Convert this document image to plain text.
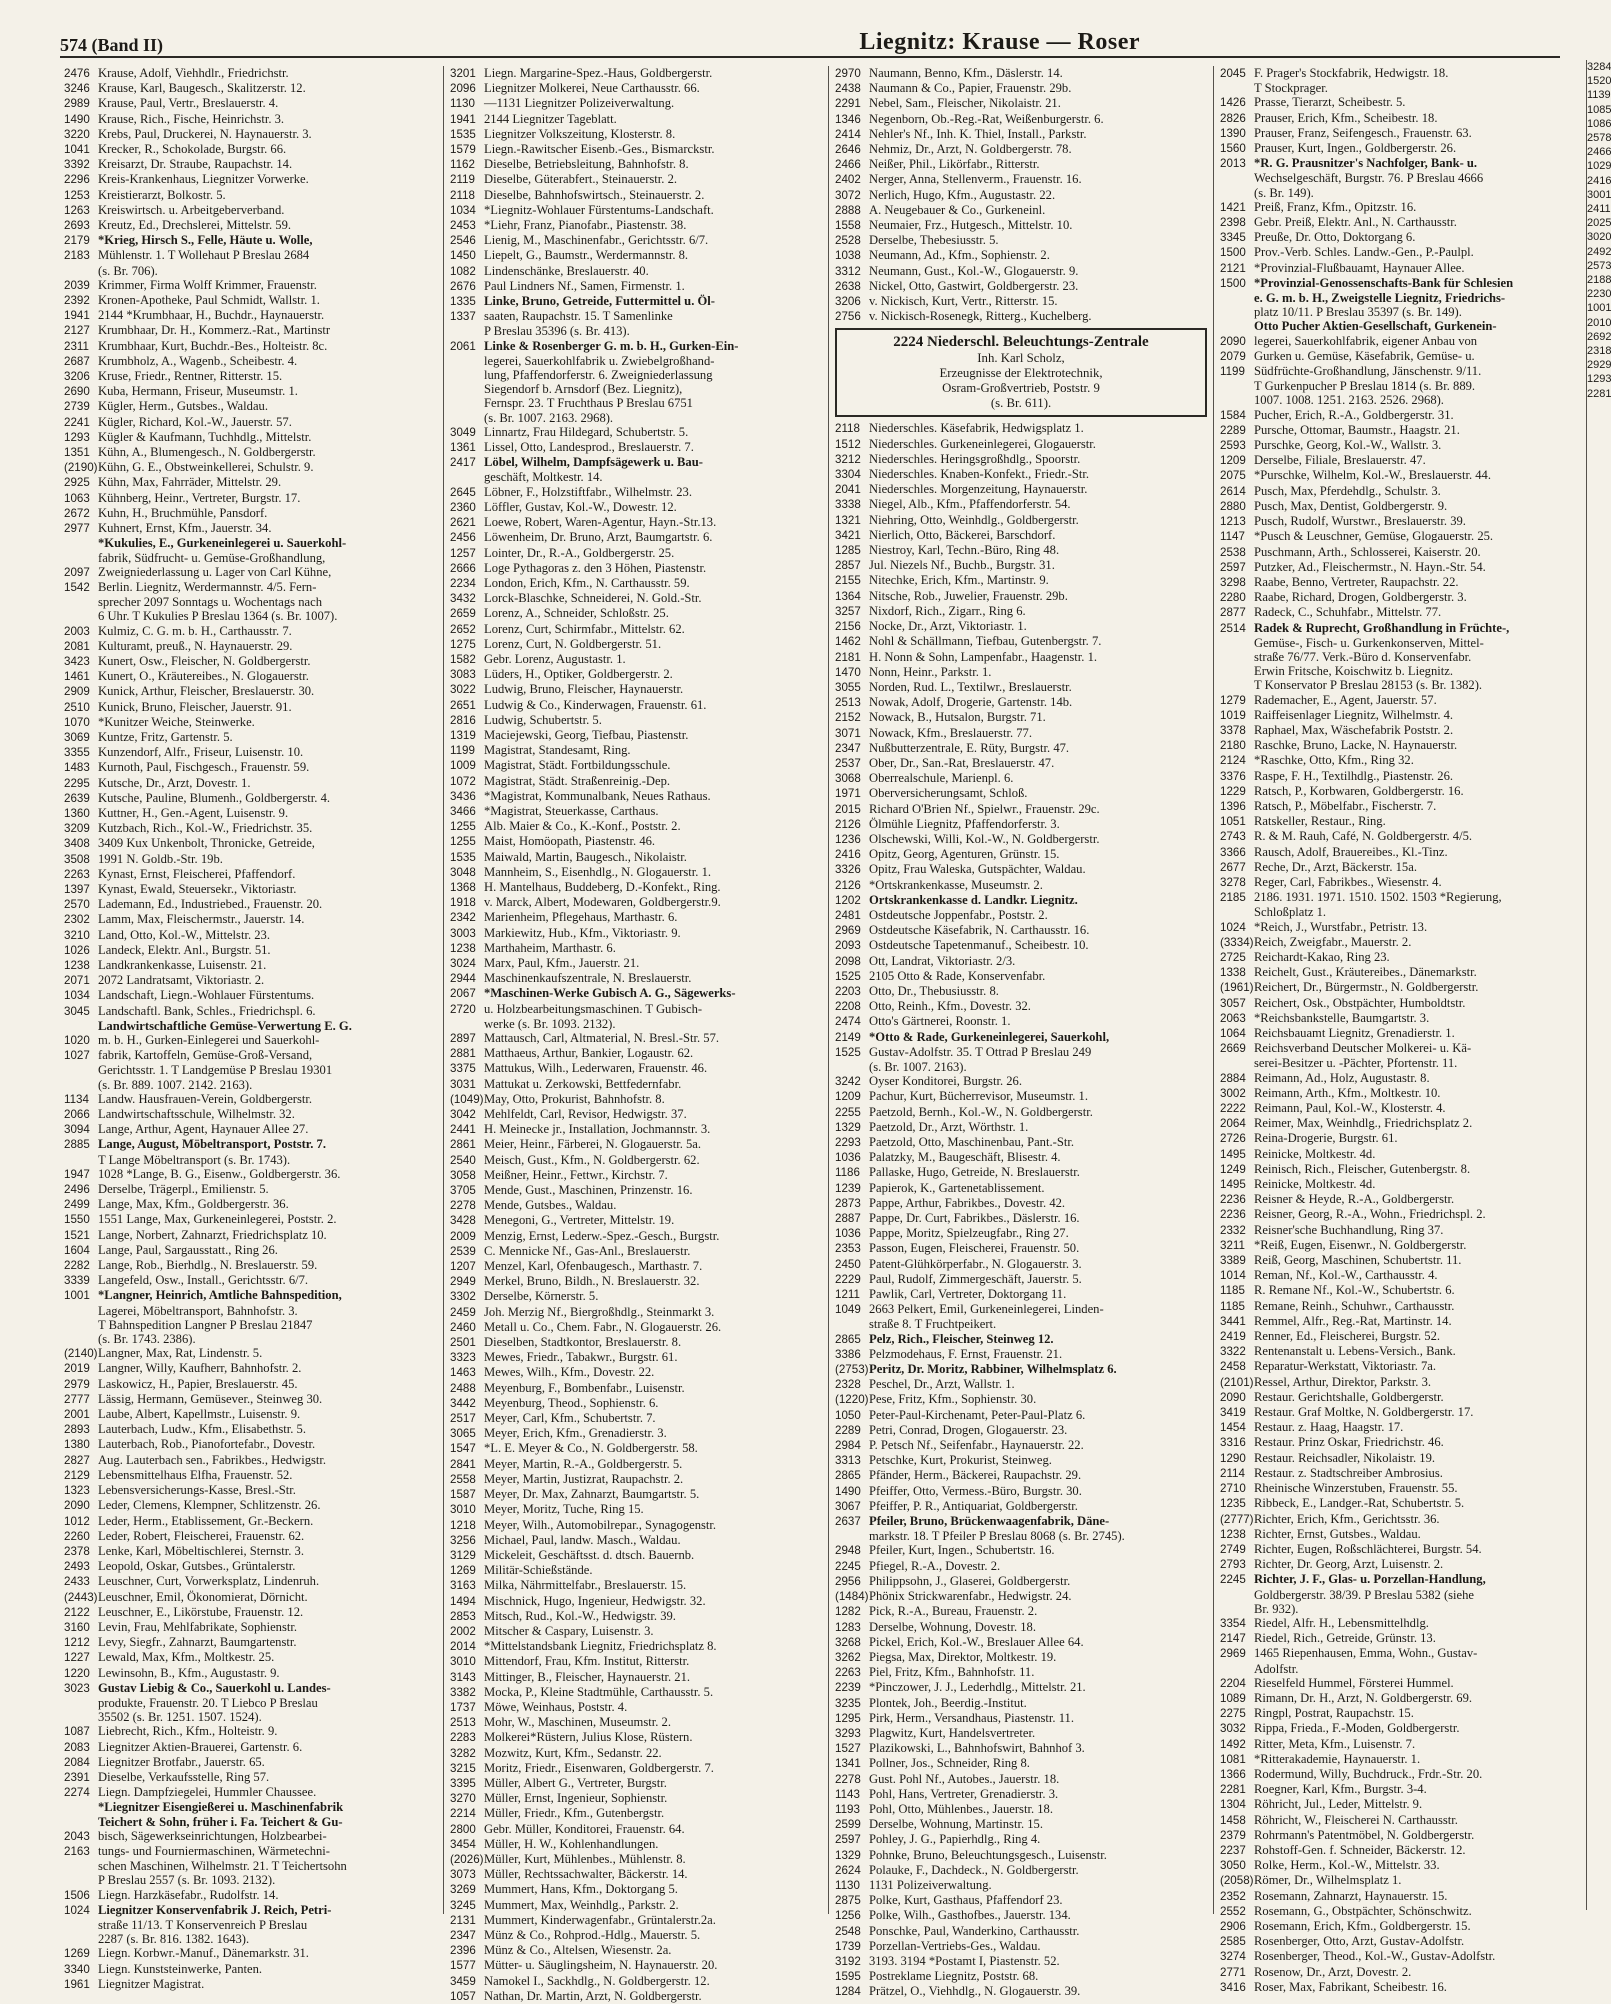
574 (Band II)	Liegnitz: Krause — Roser
2476 Krause, Adolf, Viehhdlr., Friedrichstr.
3246 Krause, Karl, Baugesch., Skalitzerstr. 12.
2989 Krause, Paul, Vertr., Breslauerstr. 4.
1490 Krause, Rich., Fische, Heinrichstr. 3.
3220 Krebs, Paul, Druckerei, N. Haynauerstr. 3.
1041 Krecker, R., Schokolade, Burgstr. 66.
3392 Kreisarzt, Dr. Straube, Raupachstr. 14.
2296 Kreis-Krankenhaus, Liegnitzer Vorwerke.
1253 Kreistierarzt, Bolkostr. 5.
1263 Kreiswirtsch. u. Arbeitgeberverband.
2693 Kreutz, Ed., Drechslerei, Mittelstr. 59.
2179 *Krieg, Hirsch S., Felle, Häute u. Wolle,
2183 Mühlenstr. 1. T Wollehaut P Breslau 2684
(s. Br. 706).
2039 Krimmer, Firma Wolff Krimmer, Frauenstr.
2392 Kronen-Apotheke, Paul Schmidt, Wallstr. 1.
1941 2144 *Krumbhaar, H., Buchdr., Haynauerstr.
2127 Krumbhaar, Dr. H., Kommerz.-Rat., Martinstr
2311 Krumbhaar, Kurt, Buchdr.-Bes., Holteistr. 8c.
2687 Krumbholz, A., Wagenb., Scheibestr. 4.
3206 Kruse, Friedr., Rentner, Ritterstr. 15.
2690 Kuba, Hermann, Friseur, Museumstr. 1.
2739 Kügler, Herm., Gutsbes., Waldau.
2241 Kügler, Richard, Kol.-W., Jauerstr. 57.
1293 Kügler & Kaufmann, Tuchhdlg., Mittelstr.
1351 Kühn, A., Blumengesch., N. Goldbergerstr.
(2190)Kühn, G. E., Obstweinkellerei, Schulstr. 9.
2925 Kühn, Max, Fahrräder, Mittelstr. 29.
1063 Kühnberg, Heinr., Vertreter, Burgstr. 17.
2672 Kuhn, H., Bruchmühle, Pansdorf.
2977 Kuhnert, Ernst, Kfm., Jauerstr. 34.
*Kukulies, E., Gurkeneinlegerei u. Sauerkohl-
fabrik, Südfrucht- u. Gemüse-Großhandlung,
2097 Zweigniederlassung u. Lager von Carl Kühne,
1542 Berlin. Liegnitz, Werdermannstr. 4/5. Fern-
sprecher 2097 Sonntags u. Wochentags nach
6 Uhr. T Kukulies P Breslau 1364 (s. Br. 1007).
2003 Kulmiz, C. G. m. b. H., Carthausstr. 7.
2081 Kulturamt, preuß., N. Haynauerstr. 29.
3423 Kunert, Osw., Fleischer, N. Goldbergerstr.
1461 Kunert, O., Kräutereibes., N. Glogauerstr.
2909 Kunick, Arthur, Fleischer, Breslauerstr. 30.
2510 Kunick, Bruno, Fleischer, Jauerstr. 91.
1070 *Kunitzer Weiche, Steinwerke.
3069 Kuntze, Fritz, Gartenstr. 5.
3355 Kunzendorf, Alfr., Friseur, Luisenstr. 10.
1483 Kurnoth, Paul, Fischgesch., Frauenstr. 59.
2295 Kutsche, Dr., Arzt, Dovestr. 1.
2639 Kutsche, Pauline, Blumenh., Goldbergerstr. 4.
1360 Kuttner, H., Gen.-Agent, Luisenstr. 9.
3209 Kutzbach, Rich., Kol.-W., Friedrichstr. 35.
3408 3409 Kux Unkenbolt, Thronicke, Getreide,
3508 1991 N. Goldb.-Str. 19b.
2263 Kynast, Ernst, Fleischerei, Pfaffendorf.
1397 Kynast, Ewald, Steuersekr., Viktoriastr.
2570 Lademann, Ed., Industriebed., Frauenstr. 20.
2302 Lamm, Max, Fleischermstr., Jauerstr. 14.
3210 Land, Otto, Kol.-W., Mittelstr. 23.
1026 Landeck, Elektr. Anl., Burgstr. 51.
1238 Landkrankenkasse, Luisenstr. 21.
2071 2072 Landratsamt, Viktoriastr. 2.
1034 Landschaft, Liegn.-Wohlauer Fürstentums.
3045 Landschaftl. Bank, Schles., Friedrichspl. 6.
Landwirtschaftliche Gemüse-Verwertung E. G.
1020 m. b. H., Gurken-Einlegerei und Sauerkohl-
1027 fabrik, Kartoffeln, Gemüse-Groß-Versand,
Gerichtsstr. 1. T Landgemüse P Breslau 19301
(s. Br. 889. 1007. 2142. 2163).
1134 Landw. Hausfrauen-Verein, Goldbergerstr.
2066 Landwirtschaftsschule, Wilhelmstr. 32.
3094 Lange, Arthur, Agent, Haynauer Allee 27.
2885 Lange, August, Möbeltransport, Poststr. 7.
T Lange Möbeltransport (s. Br. 1743).
1947 1028 *Lange, B. G., Eisenw., Goldbergerstr. 36.
2496 Derselbe, Trägerpl., Emilienstr. 5.
2499 Lange, Max, Kfm., Goldbergerstr. 36.
1550 1551 Lange, Max, Gurkeneinlegerei, Poststr. 2.
1521 Lange, Norbert, Zahnarzt, Friedrichsplatz 10.
1604 Lange, Paul, Sargausstatt., Ring 26.
2282 Lange, Rob., Bierhdlg., N. Breslauerstr. 59.
3339 Langefeld, Osw., Install., Gerichtsstr. 6/7.
1001 *Langner, Heinrich, Amtliche Bahnspedition,
Lagerei, Möbeltransport, Bahnhofstr. 3.
T Bahnspedition Langner P Breslau 21847
(s. Br. 1743. 2386).
(2140)Langner, Max, Rat, Lindenstr. 5.
2019 Langner, Willy, Kaufherr, Bahnhofstr. 2.
2979 Laskowicz, H., Papier, Breslauerstr. 45.
2777 Lässig, Hermann, Gemüsever., Steinweg 30.
2001 Laube, Albert, Kapellmstr., Luisenstr. 9.
2893 Lauterbach, Ludw., Kfm., Elisabethstr. 5.
1380 Lauterbach, Rob., Pianofortefabr., Dovestr.
2827 Aug. Lauterbach sen., Fabrikbes., Hedwigstr.
2129 Lebensmittelhaus Elfha, Frauenstr. 52.
1323 Lebensversicherungs-Kasse, Bresl.-Str.
2090 Leder, Clemens, Klempner, Schlitzenstr. 26.
1012 Leder, Herm., Etablissement, Gr.-Beckern.
2260 Leder, Robert, Fleischerei, Frauenstr. 62.
2378 Lenke, Karl, Möbeltischlerei, Sternstr. 3.
2493 Leopold, Oskar, Gutsbes., Grüntalerstr.
2433 Leuschner, Curt, Vorwerksplatz, Lindenruh.
(2443)Leuschner, Emil, Ökonomierat, Dörnicht.
2122 Leuschner, E., Likörstube, Frauenstr. 12.
3160 Levin, Frau, Mehlfabrikate, Sophienstr.
1212 Levy, Siegfr., Zahnarzt, Baumgartenstr.
1227 Lewald, Max, Kfm., Moltkestr. 25.
1220 Lewinsohn, B., Kfm., Augustastr. 9.
3023 Gustav Liebig & Co., Sauerkohl u. Landes-
produkte, Frauenstr. 20. T Liebco P Breslau
35502 (s. Br. 1251. 1507. 1524).
1087 Liebrecht, Rich., Kfm., Holteistr. 9.
2083 Liegnitzer Aktien-Brauerei, Gartenstr. 6.
2084 Liegnitzer Brotfabr., Jauerstr. 65.
2391 Dieselbe, Verkaufsstelle, Ring 57.
2274 Liegn. Dampfziegelei, Hummler Chaussee.
*Liegnitzer Eisengießerei u. Maschinenfabrik
Teichert & Sohn, früher i. Fa. Teichert & Gu-
2043 bisch, Sägewerkseinrichtungen, Holzbearbei-
2163 tungs- und Fourniermaschinen, Wärmetechni-
schen Maschinen, Wilhelmstr. 21. T Teichertsohn
P Breslau 2557 (s. Br. 1093. 2132).
1506 Liegn. Harzkäsefabr., Rudolfstr. 14.
1024 Liegnitzer Konservenfabrik J. Reich, Petri-
straße 11/13. T Konservenreich P Breslau
2287 (s. Br. 816. 1382. 1643).
1269 Liegn. Korbwr.-Manuf., Dänemarkstr. 31.
3340 Liegn. Kunststeinwerke, Panten.
1961 Liegnitzer Magistrat.
3201 Liegn. Margarine-Spez.-Haus, Goldbergerstr.
2096 Liegnitzer Molkerei, Neue Carthausstr. 66.
1130 —1131 Liegnitzer Polizeiverwaltung.
1941 2144 Liegnitzer Tageblatt.
1535 Liegnitzer Volkszeitung, Klosterstr. 8.
1579 Liegn.-Rawitscher Eisenb.-Ges., Bismarckstr.
1162 Dieselbe, Betriebsleitung, Bahnhofstr. 8.
2119 Dieselbe, Güterabfert., Steinauerstr. 2.
2118 Dieselbe, Bahnhofswirtsch., Steinauerstr. 2.
1034 *Liegnitz-Wohlauer Fürstentums-Landschaft.
2453 *Liehr, Franz, Pianofabr., Piastenstr. 38.
2546 Lienig, M., Maschinenfabr., Gerichtsstr. 6/7.
1450 Liepelt, G., Baumstr., Werdermannstr. 8.
1082 Lindenschänke, Breslauerstr. 40.
2676 Paul Lindners Nf., Samen, Firmenstr. 1.
1335 Linke, Bruno, Getreide, Futtermittel u. Öl-
1337 saaten, Raupachstr. 15. T Samenlinke
P Breslau 35396 (s. Br. 413).
2061 Linke & Rosenberger G. m. b. H., Gurken-Ein-
legerei, Sauerkohlfabrik u. Zwiebelgroßhand-
lung, Pfaffendorferstr. 6. Zweigniederlassung
Siegendorf b. Arnsdorf (Bez. Liegnitz),
Fernspr. 23. T Fruchthaus P Breslau 6751
(s. Br. 1007. 2163. 2968).
3049 Linnartz, Frau Hildegard, Schubertstr. 5.
1361 Lissel, Otto, Landesprod., Breslauerstr. 7.
2417 Löbel, Wilhelm, Dampfsägewerk u. Bau-
geschäft, Moltkestr. 14.
2645 Löbner, F., Holzstiftfabr., Wilhelmstr. 23.
2360 Löffler, Gustav, Kol.-W., Dowestr. 12.
2621 Loewe, Robert, Waren-Agentur, Hayn.-Str.13.
2456 Löwenheim, Dr. Bruno, Arzt, Baumgartstr. 6.
1257 Lointer, Dr., R.-A., Goldbergerstr. 25.
2666 Loge Pythagoras z. den 3 Höhen, Piastenstr.
2234 London, Erich, Kfm., N. Carthausstr. 59.
3432 Lorck-Blaschke, Schneiderei, N. Gold.-Str.
2659 Lorenz, A., Schneider, Schloßstr. 25.
2652 Lorenz, Curt, Schirmfabr., Mittelstr. 62.
1275 Lorenz, Curt, N. Goldbergerstr. 51.
1582 Gebr. Lorenz, Augustastr. 1.
3083 Lüders, H., Optiker, Goldbergerstr. 2.
3022 Ludwig, Bruno, Fleischer, Haynauerstr.
2651 Ludwig & Co., Kinderwagen, Frauenstr. 61.
2816 Ludwig, Schubertstr. 5.
1319 Maciejewski, Georg, Tiefbau, Piastenstr.
1199 Magistrat, Standesamt, Ring.
1009 Magistrat, Städt. Fortbildungsschule.
1072 Magistrat, Städt. Straßenreinig.-Dep.
3436 *Magistrat, Kommunalbank, Neues Rathaus.
3466 *Magistrat, Steuerkasse, Carthaus.
1255 Alb. Maier & Co., K.-Konf., Poststr. 2.
1255 Maist, Homöopath, Piastenstr. 46.
1535 Maiwald, Martin, Baugesch., Nikolaistr.
3048 Mannheim, S., Eisenhdlg., N. Glogauerstr. 1.
1368 H. Mantelhaus, Buddeberg, D.-Konfekt., Ring.
1918 v. Marck, Albert, Modewaren, Goldbergerstr.9.
2342 Marienheim, Pflegehaus, Marthastr. 6.
3003 Markiewitz, Hub., Kfm., Viktoriastr. 9.
1238 Marthaheim, Marthastr. 6.
3024 Marx, Paul, Kfm., Jauerstr. 21.
2944 Maschinenkaufszentrale, N. Breslauerstr.
2067 *Maschinen-Werke Gubisch A. G., Sägewerks-
2720 u. Holzbearbeitungsmaschinen. T Gubisch-
werke (s. Br. 1093. 2132).
2897 Mattausch, Carl, Altmaterial, N. Bresl.-Str. 57.
2881 Matthaeus, Arthur, Bankier, Logaustr. 62.
3375 Mattukus, Wilh., Lederwaren, Frauenstr. 46.
3031 Mattukat u. Zerkowski, Bettfedernfabr.
(1049)May, Otto, Prokurist, Bahnhofstr. 8.
3042 Mehlfeldt, Carl, Revisor, Hedwigstr. 37.
2441 H. Meinecke jr., Installation, Jochmannstr. 3.
2861 Meier, Heinr., Färberei, N. Glogauerstr. 5a.
2540 Meisch, Gust., Kfm., N. Goldbergerstr. 62.
3058 Meißner, Heinr., Fettwr., Kirchstr. 7.
3705 Mende, Gust., Maschinen, Prinzenstr. 16.
2278 Mende, Gutsbes., Waldau.
3428 Menegoni, G., Vertreter, Mittelstr. 19.
2009 Menzig, Ernst, Lederw.-Spez.-Gesch., Burgstr.
2539 C. Mennicke Nf., Gas-Anl., Breslauerstr.
1207 Menzel, Karl, Ofenbaugesch., Marthastr. 7.
2949 Merkel, Bruno, Bildh., N. Breslauerstr. 32.
3302 Derselbe, Körnerstr. 5.
2459 Joh. Merzig Nf., Biergroßhdlg., Steinmarkt 3.
2460 Metall u. Co., Chem. Fabr., N. Glogauerstr. 26.
2501 Dieselben, Stadtkontor, Breslauerstr. 8.
3323 Mewes, Friedr., Tabakwr., Burgstr. 61.
1463 Mewes, Wilh., Kfm., Dovestr. 22.
2488 Meyenburg, F., Bombenfabr., Luisenstr.
3442 Meyenburg, Theod., Sophienstr. 6.
2517 Meyer, Carl, Kfm., Schubertstr. 7.
3065 Meyer, Erich, Kfm., Grenadierstr. 3.
1547 *L. E. Meyer & Co., N. Goldbergerstr. 58.
2841 Meyer, Martin, R.-A., Goldbergerstr. 5.
2558 Meyer, Martin, Justizrat, Raupachstr. 2.
1587 Meyer, Dr. Max, Zahnarzt, Baumgartstr. 5.
3010 Meyer, Moritz, Tuche, Ring 15.
1218 Meyer, Wilh., Automobilrepar., Synagogenstr.
3256 Michael, Paul, landw. Masch., Waldau.
3129 Mickeleit, Geschäftsst. d. dtsch. Bauernb.
1269 Militär-Schießstände.
3163 Milka, Nährmittelfabr., Breslauerstr. 15.
1494 Mischnick, Hugo, Ingenieur, Hedwigstr. 32.
2853 Mitsch, Rud., Kol.-W., Hedwigstr. 39.
2002 Mitscher & Caspary, Luisenstr. 3.
2014 *Mittelstandsbank Liegnitz, Friedrichsplatz 8.
3010 Mittendorf, Frau, Kfm. Institut, Ritterstr.
3143 Mittinger, B., Fleischer, Haynauerstr. 21.
3382 Mocka, P., Kleine Stadtmühle, Carthausstr. 5.
1737 Möwe, Weinhaus, Poststr. 4.
2513 Mohr, W., Maschinen, Museumstr. 2.
2283 Molkerei*Rüstern, Julius Klose, Rüstern.
3282 Mozwitz, Kurt, Kfm., Sedanstr. 22.
3215 Moritz, Friedr., Eisenwaren, Goldbergerstr. 7.
3395 Müller, Albert G., Vertreter, Burgstr.
3270 Müller, Ernst, Ingenieur, Sophienstr.
2214 Müller, Friedr., Kfm., Gutenbergstr.
2800 Gebr. Müller, Konditorei, Frauenstr. 64.
3454 Müller, H. W., Kohlenhandlungen.
(2026)Müller, Kurt, Mühlenbes., Mühlenstr. 8.
3073 Müller, Rechtssachwalter, Bäckerstr. 14.
3269 Mummert, Hans, Kfm., Doktorgang 5.
3245 Mummert, Max, Weinhdlg., Parkstr. 2.
2131 Mummert, Kinderwagenfabr., Grüntalerstr.2a.
2347 Münz & Co., Rohprod.-Hdlg., Mauerstr. 5.
2396 Münz & Co., Altelsen, Wiesenstr. 2a.
1577 Mütter- u. Säuglingsheim, N. Haynauerstr. 20.
3459 Namokel I., Sackhdlg., N. Goldbergerstr. 12.
1057 Nathan, Dr. Martin, Arzt, N. Goldbergerstr.
2970 Naumann, Benno, Kfm., Däslerstr. 14.
2438 Naumann & Co., Papier, Frauenstr. 29b.
2291 Nebel, Sam., Fleischer, Nikolaistr. 21.
1346 Negenborn, Ob.-Reg.-Rat, Weißenburgerstr. 6.
2414 Nehler's Nf., Inh. K. Thiel, Install., Parkstr.
2646 Nehmiz, Dr., Arzt, N. Goldbergerstr. 78.
2466 Neißer, Phil., Likörfabr., Ritterstr.
2402 Nerger, Anna, Stellenverm., Frauenstr. 16.
3072 Nerlich, Hugo, Kfm., Augustastr. 22.
2888 A. Neugebauer & Co., Gurkeneinl.
1558 Neumaier, Frz., Hutgesch., Mittelstr. 10.
2528 Derselbe, Thebesiusstr. 5.
1038 Neumann, Ad., Kfm., Sophienstr. 2.
3312 Neumann, Gust., Kol.-W., Glogauerstr. 9.
2638 Nickel, Otto, Gastwirt, Goldbergerstr. 23.
3206 v. Nickisch, Kurt, Vertr., Ritterstr. 15.
2756 v. Nickisch-Rosenegk, Ritterg., Kuchelberg.
2224 Niederschl. Beleuchtungs-Zentrale
Inh. Karl Scholz,
Erzeugnisse der Elektrotechnik,
Osram-Großvertrieb, Poststr. 9
(s. Br. 611).
2118 Niederschles. Käsefabrik, Hedwigsplatz 1.
1512 Niederschles. Gurkeneinlegerei, Glogauerstr.
3212 Niederschles. Heringsgroßhdlg., Spoorstr.
3304 Niederschles. Knaben-Konfekt., Friedr.-Str.
2041 Niederschles. Morgenzeitung, Haynauerstr.
3338 Niegel, Alb., Kfm., Pfaffendorferstr. 54.
1321 Niehring, Otto, Weinhdlg., Goldbergerstr.
3421 Nierlich, Otto, Bäckerei, Barschdorf.
1285 Niestroy, Karl, Techn.-Büro, Ring 48.
2857 Jul. Niezels Nf., Buchb., Burgstr. 31.
2155 Nitechke, Erich, Kfm., Martinstr. 9.
1364 Nitsche, Rob., Juwelier, Frauenstr. 29b.
3257 Nixdorf, Rich., Zigarr., Ring 6.
2156 Nocke, Dr., Arzt, Viktoriastr. 1.
1462 Nohl & Schällmann, Tiefbau, Gutenbergstr. 7.
2181 H. Nonn & Sohn, Lampenfabr., Haagenstr. 1.
1470 Nonn, Heinr., Parkstr. 1.
3055 Norden, Rud. L., Textilwr., Breslauerstr.
2513 Nowak, Adolf, Drogerie, Gartenstr. 14b.
2152 Nowack, B., Hutsalon, Burgstr. 71.
3071 Nowack, Kfm., Breslauerstr. 77.
2347 Nußbutterzentrale, E. Rüty, Burgstr. 47.
2537 Ober, Dr., San.-Rat, Breslauerstr. 47.
3068 Oberrealschule, Marienpl. 6.
1971 Oberversicherungsamt, Schloß.
2015 Richard O'Brien Nf., Spielwr., Frauenstr. 29c.
2126 Ölmühle Liegnitz, Pfaffendorferstr. 3.
1236 Olschewski, Willi, Kol.-W., N. Goldbergerstr.
2416 Opitz, Georg, Agenturen, Grünstr. 15.
3326 Opitz, Frau Waleska, Gutspächter, Waldau.
2126 *Ortskrankenkasse, Museumstr. 2.
1202 Ortskrankenkasse d. Landkr. Liegnitz.
2481 Ostdeutsche Joppenfabr., Poststr. 2.
2969 Ostdeutsche Käsefabrik, N. Carthausstr. 16.
2093 Ostdeutsche Tapetenmanuf., Scheibestr. 10.
2098 Ott, Landrat, Viktoriastr. 2/3.
1525 2105 Otto & Rade, Konservenfabr.
2203 Otto, Dr., Thebusiusstr. 8.
2208 Otto, Reinh., Kfm., Dovestr. 32.
2474 Otto's Gärtnerei, Roonstr. 1.
2149 *Otto & Rade, Gurkeneinlegerei, Sauerkohl,
1525 Gustav-Adolfstr. 35. T Ottrad P Breslau 249
(s. Br. 1007. 2163).
3242 Oyser Konditorei, Burgstr. 26.
1209 Pachur, Kurt, Bücherrevisor, Museumstr. 1.
2255 Paetzold, Bernh., Kol.-W., N. Goldbergerstr.
1329 Paetzold, Dr., Arzt, Wörthstr. 1.
2293 Paetzold, Otto, Maschinenbau, Pant.-Str.
1036 Palatzky, M., Baugeschäft, Blisestr. 4.
1186 Pallaske, Hugo, Getreide, N. Breslauerstr.
1239 Papierok, K., Gartenetablissement.
2873 Pappe, Arthur, Fabrikbes., Dovestr. 42.
2887 Pappe, Dr. Curt, Fabrikbes., Däslerstr. 16.
1036 Pappe, Moritz, Spielzeugfabr., Ring 27.
2353 Passon, Eugen, Fleischerei, Frauenstr. 50.
2450 Patent-Glühkörperfabr., N. Glogauerstr. 3.
2229 Paul, Rudolf, Zimmergeschäft, Jauerstr. 5.
1211 Pawlik, Carl, Vertreter, Doktorgang 11.
1049 2663 Pelkert, Emil, Gurkeneinlegerei, Linden-
straße 8. T Fruchtpeikert.
2865 Pelz, Rich., Fleischer, Steinweg 12.
3386 Pelzmodehaus, F. Ernst, Frauenstr. 21.
(2753)Peritz, Dr. Moritz, Rabbiner, Wilhelmsplatz 6.
2328 Peschel, Dr., Arzt, Wallstr. 1.
(1220)Pese, Fritz, Kfm., Sophienstr. 30.
1050 Peter-Paul-Kirchenamt, Peter-Paul-Platz 6.
2289 Petri, Conrad, Drogen, Glogauerstr. 23.
2984 P. Petsch Nf., Seifenfabr., Haynauerstr. 22.
3313 Petschke, Kurt, Prokurist, Steinweg.
2865 Pfänder, Herm., Bäckerei, Raupachstr. 29.
1490 Pfeiffer, Otto, Vermess.-Büro, Burgstr. 30.
3067 Pfeiffer, P. R., Antiquariat, Goldbergerstr.
2637 Pfeiler, Bruno, Brückenwaagenfabrik, Däne-
markstr. 18. T Pfeiler P Breslau 8068 (s. Br. 2745).
2948 Pfeiler, Kurt, Ingen., Schubertstr. 16.
2245 Pfiegel, R.-A., Dovestr. 2.
2956 Philippsohn, J., Glaserei, Goldbergerstr.
(1484)Phönix Strickwarenfabr., Hedwigstr. 24.
1282 Pick, R.-A., Bureau, Frauenstr. 2.
1283 Derselbe, Wohnung, Dovestr. 18.
3268 Pickel, Erich, Kol.-W., Breslauer Allee 64.
3262 Piegsa, Max, Direktor, Moltkestr. 19.
2263 Piel, Fritz, Kfm., Bahnhofstr. 11.
2239 *Pinczower, J. J., Lederhdlg., Mittelstr. 21.
3235 Plontek, Joh., Beerdig.-Institut.
1295 Pirk, Herm., Versandhaus, Piastenstr. 11.
3293 Plagwitz, Kurt, Handelsvertreter.
1527 Plazikowski, L., Bahnhofswirt, Bahnhof 3.
1341 Pollner, Jos., Schneider, Ring 8.
2278 Gust. Pohl Nf., Autobes., Jauerstr. 18.
1143 Pohl, Hans, Vertreter, Grenadierstr. 3.
1193 Pohl, Otto, Mühlenbes., Jauerstr. 18.
2599 Derselbe, Wohnung, Martinstr. 15.
2597 Pohley, J. G., Papierhdlg., Ring 4.
1329 Pohnke, Bruno, Beleuchtungsgesch., Luisenstr.
2624 Polauke, F., Dachdeck., N. Goldbergerstr.
1130 1131 Polizeiverwaltung.
2875 Polke, Kurt, Gasthaus, Pfaffendorf 23.
1256 Polke, Wilh., Gasthofbes., Jauerstr. 134.
2548 Ponschke, Paul, Wanderkino, Carthausstr.
1739 Porzellan-Vertriebs-Ges., Waldau.
3192 3193. 3194 *Postamt I, Piastenstr. 52.
1595 Postreklame Liegnitz, Poststr. 68.
1284 Prätzel, O., Viehhdlg., N. Glogauerstr. 39.
2045 F. Prager's Stockfabrik, Hedwigstr. 18.
T Stockprager.
1426 Prasse, Tierarzt, Scheibestr. 5.
2826 Prauser, Erich, Kfm., Scheibestr. 18.
1390 Prauser, Franz, Seifengesch., Frauenstr. 63.
1560 Prauser, Kurt, Ingen., Goldbergerstr. 26.
2013 *R. G. Prausnitzer's Nachfolger, Bank- u.
Wechselgeschäft, Burgstr. 76. P Breslau 4666
(s. Br. 149).
1421 Preiß, Franz, Kfm., Opitzstr. 16.
2398 Gebr. Preiß, Elektr. Anl., N. Carthausstr.
3345 Preuße, Dr. Otto, Doktorgang 6.
1500 Prov.-Verb. Schles. Landw.-Gen., P.-Paulpl.
2121 *Provinzial-Flußbauamt, Haynauer Allee.
1500 *Provinzial-Genossenschafts-Bank für Schlesien
e. G. m. b. H., Zweigstelle Liegnitz, Friedrichs-
platz 10/11. P Breslau 35397 (s. Br. 149).
Otto Pucher Aktien-Gesellschaft, Gurkenein-
2090 legerei, Sauerkohlfabrik, eigener Anbau von
2079 Gurken u. Gemüse, Käsefabrik, Gemüse- u.
1199 Südfrüchte-Großhandlung, Jänschenstr. 9/11.
T Gurkenpucher P Breslau 1814 (s. Br. 889.
1007. 1008. 1251. 2163. 2526. 2968).
1584 Pucher, Erich, R.-A., Goldbergerstr. 31.
2289 Pursche, Ottomar, Baumstr., Haagstr. 21.
2593 Purschke, Georg, Kol.-W., Wallstr. 3.
1209 Derselbe, Filiale, Breslauerstr. 47.
2075 *Purschke, Wilhelm, Kol.-W., Breslauerstr. 44.
2614 Pusch, Max, Pferdehdlg., Schulstr. 3.
2880 Pusch, Max, Dentist, Goldbergerstr. 9.
1213 Pusch, Rudolf, Wurstwr., Breslauerstr. 39.
1147 *Pusch & Leuschner, Gemüse, Glogauerstr. 25.
2538 Puschmann, Arth., Schlosserei, Kaiserstr. 20.
2597 Putzker, Ad., Fleischermstr., N. Hayn.-Str. 54.
3298 Raabe, Benno, Vertreter, Raupachstr. 22.
2280 Raabe, Richard, Drogen, Goldbergerstr. 3.
2877 Radeck, C., Schuhfabr., Mittelstr. 77.
2514 Radek & Ruprecht, Großhandlung in Früchte-,
Gemüse-, Fisch- u. Gurkenkonserven, Mittel-
straße 76/77. Verk.-Büro d. Konservenfabr.
Erwin Fritsche, Koischwitz b. Liegnitz.
T Konservator P Breslau 28153 (s. Br. 1382).
1279 Rademacher, E., Agent, Jauerstr. 57.
1019 Raiffeisenlager Liegnitz, Wilhelmstr. 4.
3378 Raphael, Max, Wäschefabrik Poststr. 2.
2180 Raschke, Bruno, Lacke, N. Haynauerstr.
2124 *Raschke, Otto, Kfm., Ring 32.
3376 Raspe, F. H., Textilhdlg., Piastenstr. 26.
1229 Ratsch, P., Korbwaren, Goldbergerstr. 16.
1396 Ratsch, P., Möbelfabr., Fischerstr. 7.
1051 Ratskeller, Restaur., Ring.
2743 R. & M. Rauh, Café, N. Goldbergerstr. 4/5.
3366 Rausch, Adolf, Brauereibes., Kl.-Tinz.
2677 Reche, Dr., Arzt, Bäckerstr. 15a.
3278 Reger, Carl, Fabrikbes., Wiesenstr. 4.
2185 2186. 1931. 1971. 1510. 1502. 1503 *Regierung,
Schloßplatz 1.
1024 *Reich, J., Wurstfabr., Petristr. 13.
(3334)Reich, Zweigfabr., Mauerstr. 2.
2725 Reichardt-Kakao, Ring 23.
1338 Reichelt, Gust., Kräutereibes., Dänemarkstr.
(1961)Reichert, Dr., Bürgermstr., N. Goldbergerstr.
3057 Reichert, Osk., Obstpächter, Humboldtstr.
2063 *Reichsbankstelle, Baumgartstr. 3.
1064 Reichsbauamt Liegnitz, Grenadierstr. 1.
2669 Reichsverband Deutscher Molkerei- u. Kä-
serei-Besitzer u. -Pächter, Pfortenstr. 11.
2884 Reimann, Ad., Holz, Augustastr. 8.
3002 Reimann, Arth., Kfm., Moltkestr. 10.
2222 Reimann, Paul, Kol.-W., Klosterstr. 4.
2064 Reimer, Max, Weinhdlg., Friedrichsplatz 2.
2726 Reina-Drogerie, Burgstr. 61.
1495 Reinicke, Moltkestr. 4d.
1249 Reinisch, Rich., Fleischer, Gutenbergstr. 8.
1495 Reinicke, Moltkestr. 4d.
2236 Reisner & Heyde, R.-A., Goldbergerstr.
2236 Reisner, Georg, R.-A., Wohn., Friedrichspl. 2.
2332 Reisner'sche Buchhandlung, Ring 37.
3211 *Reiß, Eugen, Eisenwr., N. Goldbergerstr.
3389 Reiß, Georg, Maschinen, Schubertstr. 11.
1014 Reman, Nf., Kol.-W., Carthausstr. 4.
1185 R. Remane Nf., Kol.-W., Schubertstr. 6.
1185 Remane, Reinh., Schuhwr., Carthausstr.
3441 Remmel, Alfr., Reg.-Rat, Martinstr. 14.
2419 Renner, Ed., Fleischerei, Burgstr. 52.
3322 Rentenanstalt u. Lebens-Versich., Bank.
2458 Reparatur-Werkstatt, Viktoriastr. 7a.
(2101)Ressel, Arthur, Direktor, Parkstr. 3.
2090 Restaur. Gerichtshalle, Goldbergerstr.
3419 Restaur. Graf Moltke, N. Goldbergerstr. 17.
1454 Restaur. z. Haag, Haagstr. 17.
3316 Restaur. Prinz Oskar, Friedrichstr. 46.
1290 Restaur. Reichsadler, Nikolaistr. 19.
2114 Restaur. z. Stadtschreiber Ambrosius.
2710 Rheinische Winzerstuben, Frauenstr. 55.
1235 Ribbeck, E., Landger.-Rat, Schubertstr. 5.
(2777)Richter, Erich, Kfm., Gerichtsstr. 36.
1238 Richter, Ernst, Gutsbes., Waldau.
2749 Richter, Eugen, Roßschlächterei, Burgstr. 54.
2793 Richter, Dr. Georg, Arzt, Luisenstr. 2.
2245 Richter, J. F., Glas- u. Porzellan-Handlung,
Goldbergerstr. 38/39. P Breslau 5382 (siehe
Br. 932).
3354 Riedel, Alfr. H., Lebensmittelhdlg.
2147 Riedel, Rich., Getreide, Grünstr. 13.
2969 1465 Riepenhausen, Emma, Wohn., Gustav-
Adolfstr.
2204 Rieselfeld Hummel, Försterei Hummel.
1089 Rimann, Dr. H., Arzt, N. Goldbergerstr. 69.
2275 Ringpl, Postrat, Raupachstr. 15.
3032 Rippa, Frieda., F.-Moden, Goldbergerstr.
1492 Ritter, Meta, Kfm., Luisenstr. 7.
1081 *Ritterakademie, Haynauerstr. 1.
1366 Rodermund, Willy, Buchdruck., Frdr.-Str. 20.
2281 Roegner, Karl, Kfm., Burgstr. 3-4.
1304 Röhricht, Jul., Leder, Mittelstr. 9.
1458 Röhricht, W., Fleischerei N. Carthausstr.
2379 Rohrmann's Patentmöbel, N. Goldbergerstr.
2237 Rohstoff-Gen. f. Schneider, Bäckerstr. 12.
3050 Rolke, Herm., Kol.-W., Mittelstr. 33.
(2058)Römer, Dr., Wilhelmsplatz 1.
2352 Rosemann, Zahnarzt, Haynauerstr. 15.
2552 Rosemann, G., Obstpächter, Schönschwitz.
2906 Rosemann, Erich, Kfm., Goldbergerstr. 15.
2585 Rosenberger, Otto, Arzt, Gustav-Adolfstr.
3274 Rosenberger, Theod., Kol.-W., Gustav-Adolfstr.
2771 Rosenow, Dr., Arzt, Dovestr. 2.
3416 Roser, Max, Fabrikant, Scheibestr. 16.
3284
1520
1139
1085
1086
2578
2466
1029
2416
3001
2411
2025
3020
2492
2573
2188
2230
1001
2010
2692
2318
2929
1293
2281
